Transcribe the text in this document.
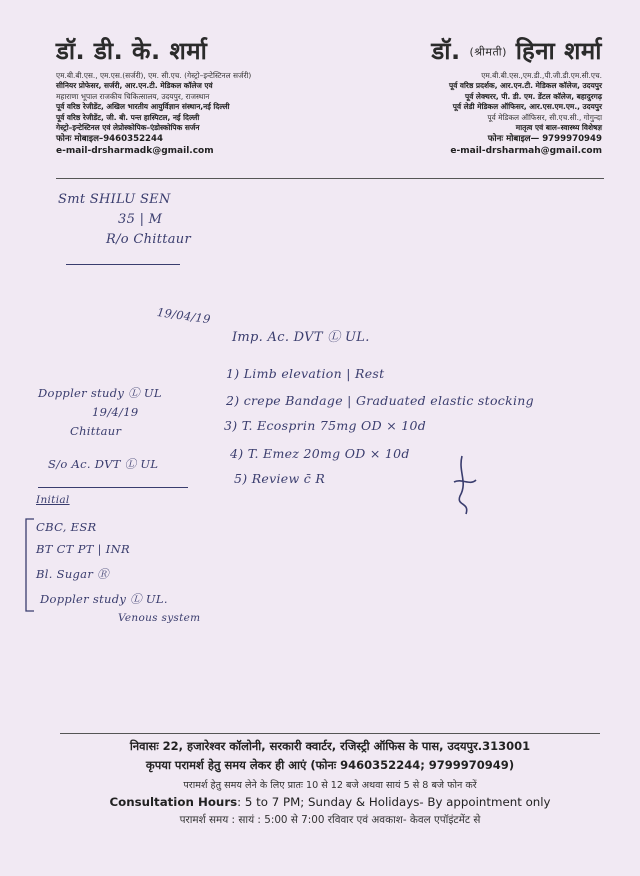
डॉ. डी. के. शर्मा
एम.बी.बी.एस., एम.एस.(सर्जरी), एम. सी.एच. (गेस्ट्रो–इन्टेस्टिनल सर्जरी)
सीनियर प्रोफेसर, सर्जरी, आर.एन.टी. मेडिकल कॉलेज एवं
महाराणा भूपाल राजकीय चिकित्सालय, उदयपुर, राजस्थान
पूर्व वरिष्ठ रेजीडेंट, अखिल भारतीय आयुर्विज्ञान संस्थान,नई दिल्ली
पूर्व वरिष्ठ रेजीडेंट, जी. बी. पन्त हास्पिटल, नई दिल्ली
गेस्ट्रो–इन्टेस्टिनल एवं लेप्रोस्कोपिक–एंडोस्कोपिक सर्जन
फोनः मोबाइल–9460352244
e-mail-drsharmadk@gmail.com
डॉ. (श्रीमती) हिना शर्मा
एम.बी.बी.एस.,एम.डी.,पी.जी.डी.एम.सी.एच.
पूर्व वरिष्ठ प्रदर्शक, आर.एन.टी. मेडिकल कॉलेज, उदयपुर
पूर्व लेक्चरर, पी. डी. एम. डेंटल कॉलेज, बहादुरगढ़
पूर्व लेडी मेडिकल ऑफिसर, आर.एस.एम.एम., उदयपुर
पूर्व मेडिकल ऑफिसर, सी.एच.सी., गोगुन्दा
मातृत्व एवं बाल–स्वास्थ्य विशेषज्ञ
फोनः मोबाइल— 9799970949
e-mail-drsharmah@gmail.com
Smt SHILU SEN
35 | M
R/o Chittaur
19/04/19
Imp. Ac. DVT Ⓛ UL.
1) Limb elevation | Rest
2) crepe Bandage | Graduated elastic stocking
3) T. Ecosprin 75mg OD × 10d
4) T. Emez 20mg OD × 10d
5) Review c̄ R
Doppler study Ⓛ UL
19/4/19
Chittaur
S/o Ac. DVT Ⓛ UL
Initial
CBC, ESR
BT CT PT | INR
Bl. Sugar Ⓡ
Doppler study Ⓛ UL.
Venous system
निवासः 22, हजारेश्वर कॉलोनी, सरकारी क्वार्टर, रजिस्ट्री ऑफिस के पास, उदयपुर.313001
कृपया परामर्श हेतु समय लेकर ही आएं (फोनः 9460352244; 9799970949)
परामर्श हेतु समय लेने के लिए प्रातः 10 से 12 बजे अथवा सायं 5 से 8 बजे फोन करें
Consultation Hours: 5 to 7 PM; Sunday & Holidays- By appointment only
परामर्श समय : सायं : 5:00 से 7:00 रविवार एवं अवकाश- केवल एपॉइंटमेंट से
